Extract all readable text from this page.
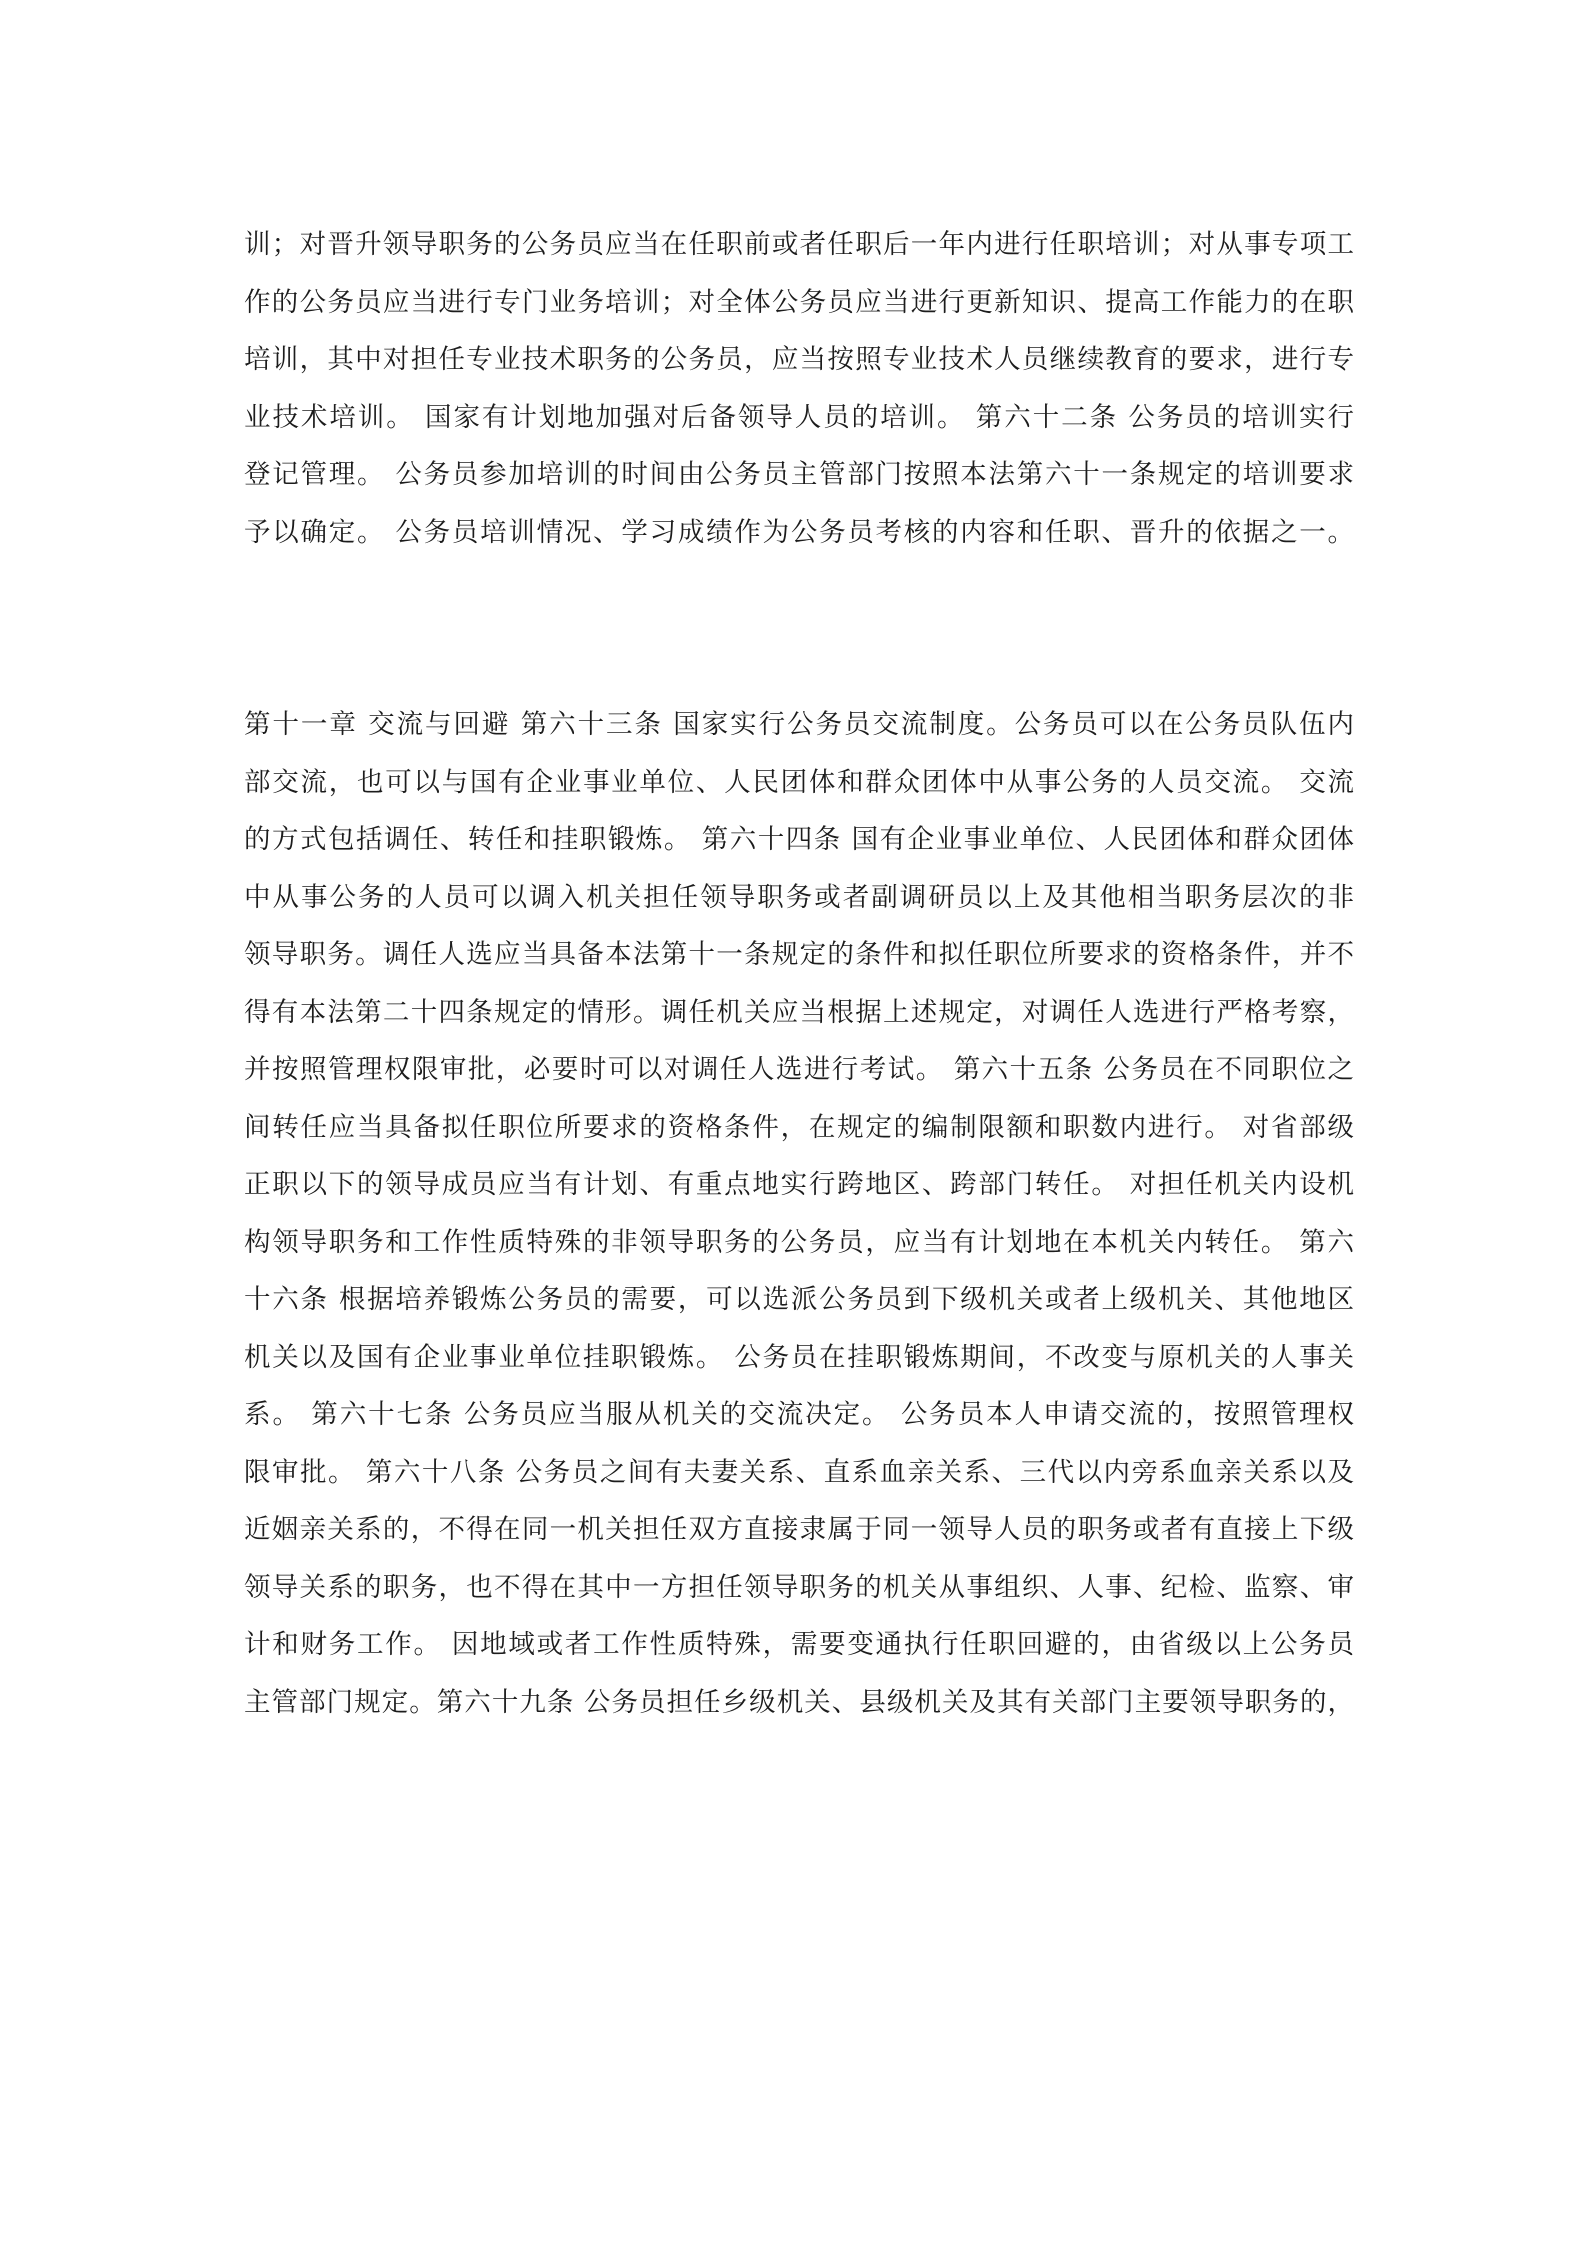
训；对晋升领导职务的公务员应当在任职前或者任职后一年内进行任职培训；对从事专项工
作的公务员应当进行专门业务培训；对全体公务员应当进行更新知识、提高工作能力的在职
培训，其中对担任专业技术职务的公务员，应当按照专业技术人员继续教育的要求，进行专
业技术培训。 国家有计划地加强对后备领导人员的培训。 第六十二条 公务员的培训实行
登记管理。 公务员参加培训的时间由公务员主管部门按照本法第六十一条规定的培训要求
予以确定。 公务员培训情况、学习成绩作为公务员考核的内容和任职、晋升的依据之一。
第十一章 交流与回避 第六十三条 国家实行公务员交流制度。公务员可以在公务员队伍内
部交流，也可以与国有企业事业单位、人民团体和群众团体中从事公务的人员交流。 交流
的方式包括调任、转任和挂职锻炼。 第六十四条 国有企业事业单位、人民团体和群众团体
中从事公务的人员可以调入机关担任领导职务或者副调研员以上及其他相当职务层次的非
领导职务。调任人选应当具备本法第十一条规定的条件和拟任职位所要求的资格条件，并不
得有本法第二十四条规定的情形。调任机关应当根据上述规定，对调任人选进行严格考察，
并按照管理权限审批，必要时可以对调任人选进行考试。 第六十五条 公务员在不同职位之
间转任应当具备拟任职位所要求的资格条件，在规定的编制限额和职数内进行。 对省部级
正职以下的领导成员应当有计划、有重点地实行跨地区、跨部门转任。 对担任机关内设机
构领导职务和工作性质特殊的非领导职务的公务员，应当有计划地在本机关内转任。 第六
十六条 根据培养锻炼公务员的需要，可以选派公务员到下级机关或者上级机关、其他地区
机关以及国有企业事业单位挂职锻炼。 公务员在挂职锻炼期间，不改变与原机关的人事关
系。 第六十七条 公务员应当服从机关的交流决定。 公务员本人申请交流的，按照管理权
限审批。 第六十八条 公务员之间有夫妻关系、直系血亲关系、三代以内旁系血亲关系以及
近姻亲关系的，不得在同一机关担任双方直接隶属于同一领导人员的职务或者有直接上下级
领导关系的职务，也不得在其中一方担任领导职务的机关从事组织、人事、纪检、监察、审
计和财务工作。 因地域或者工作性质特殊，需要变通执行任职回避的，由省级以上公务员
主管部门规定。第六十九条 公务员担任乡级机关、县级机关及其有关部门主要领导职务的，
